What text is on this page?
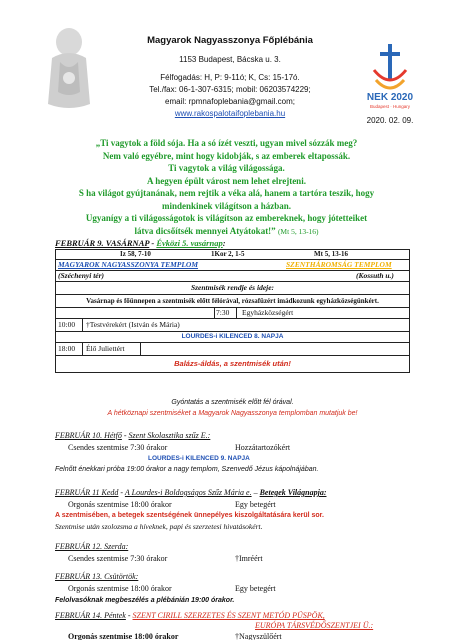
Magyarok Nagyasszonya Főplébánia
1153 Budapest, Bácska u. 3.
Félfogadás: H, P: 9-11ó; K, Cs: 15-17ó.
Tel./fax: 06-1-307-6315; mobil: 06203574229;
email: rpmnafoplebania@gmail.com;
www.rakospalotaifoplebania.hu
NEK 2020
Budapest · Hungary
2020. 02. 09.
„Ti vagytok a föld sója. Ha a só ízét veszti, ugyan mivel sózzák meg?
Nem való egyébre, mint hogy kidobják, s az emberek eltapossák.
Ti vagytok a világ világossága.
A hegyen épült várost nem lehet elrejteni.
S ha világot gyújtanának, nem rejtik a véka alá, hanem a tartóra teszik, hogy
mindenkinek világítson a házban.
Ugyanígy a ti világosságotok is világítson az embereknek, hogy jótetteiket
látva dicsőítsék mennyei Atyátokat!” (Mt 5, 13-16)
FEBRUÁR 9. VASÁRNAP - Évközi 5. vasárnap:
Iz 58, 7-10	1Kor 2, 1-5	Mt 5, 13-16
MAGYAROK NAGYASSZONYA TEMPLOM	SZENTHÁROMSÁG TEMPLOM
(Széchenyi tér)	(Kossuth u.)
Szentmisék rendje és ideje:
Vasárnap és főünnepen a szentmisék előtt félórával, rózsafüzért imádkozunk egyházközségünkért.
7:30 Egyházközségért
10:00 †Testvérekért (István és Mária)
LOURDES-i KILENCED 8. NAPJA
18:00 Élő Juliettért
Balázs-áldás, a szentmisék után!
Gyóntatás a szentmisék előtt fél órával.
A hétköznapi szentmiséket a Magyarok Nagyasszonya templomban mutatjuk be!
FEBRUÁR 10. Hétfő - Szent Skolasztika szűz E.:
Csendes szentmise 7:30 órakor	Hozzátartozókért
LOURDES-i KILENCED 9. NAPJA
Felnőtt énekkari próba 19:00 órakor a nagy templom, Szenvedő Jézus kápolnájában.
FEBRUÁR 11 Kedd - A Lourdes-i Boldogságos Szűz Mária e. – Betegek Világnapja:
Orgonás szentmise 18:00 órakor	Egy betegért
A szentmisében, a betegek szentségének ünnepélyes kiszolgáltatására kerül sor.
Szentmise után szolozsma a híveknek, papi és szerzetesi hivatásokért.
FEBRUÁR 12. Szerda:
Csendes szentmise 7:30 órakor	†Imréért
FEBRUÁR 13. Csütörtök:
Orgonás szentmise 18:00 órakor	Egy betegért
Felolvasóknak megbeszélés a plébánián 19:00 órakor.
FEBRUÁR 14. Péntek - SZENT CIRILL SZERZETES ÉS SZENT METÓD PÜSPÖK,
EURÓPA TÁRSVÉDŐSZENTJEI Ü.:
Orgonás szentmise 18:00 órakor	†Nagyszülőért
